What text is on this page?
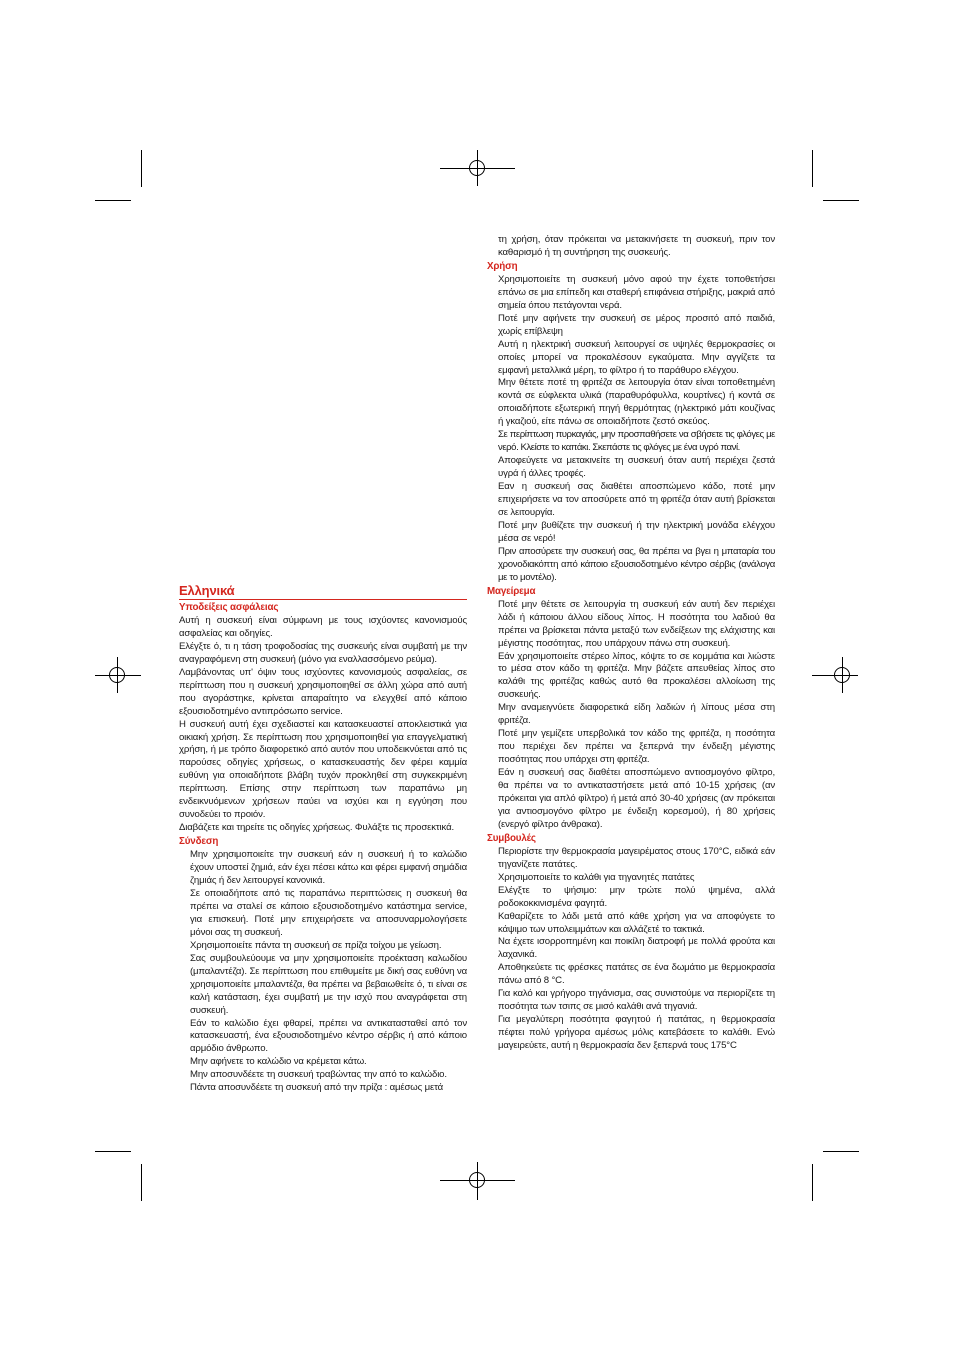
Ελληνικά
Υποδείξεις ασφάλειας

Αυτή η συσκευή είναι σύμφωνη με τους ισχύοντες κανονισμούς ασφαλείας και οδηγίες.

Ελέγξτε ό, τι η τάση τροφοδοσίας της συσκευής είναι συμβατή με την αναγραφόμενη στη συσκευή (μόνο για εναλλασσόμενο ρεύμα).

Λαμβάνοντας υπ' όψιν τους ισχύοντες κανονισμούς ασφαλείας, σε περίπτωση που η συσκευή χρησιμοποιηθεί σε άλλη χώρα από αυτή που αγοράστηκε, κρίνεται απαραίτητο να ελεγχθεί από κάποιο εξουσιοδοτημένο αντιπρόσωπο service.

Η συσκευή αυτή έχει σχεδιαστεί και κατασκευαστεί αποκλειστικά για οικιακή χρήση. Σε περίπτωση που χρησιμοποιηθεί για επαγγελματική χρήση, ή με τρόπο διαφορετικό από αυτόν που υποδεικνύεται από τις παρούσες οδηγίες χρήσεως, ο κατασκευαστής δεν φέρει καμμία ευθύνη για οποιαδήποτε βλάβη τυχόν προκληθεί στη συγκεκριμένη περίπτωση. Επίσης στην περίπτωση των παραπάνω μη ενδεικνυόμενων χρήσεων παύει να ισχύει και η εγγύηση που συνοδεύει το προιόν.

Διαβάζετε και τηρείτε τις οδηγίες χρήσεως. Φυλάξτε τις προσεκτικά.

Σύνδεση

Μην χρησιμοποιείτε την συσκευή εάν η συσκευή ή το καλώδιο έχουν υποστεί ζημιά, εάν έχει πέσει κάτω και φέρει εμφανή σημάδια ζημιάς ή δεν λειτουργεί κανονικά.

Σε οποιαδήποτε από τις παραπάνω περιπτώσεις η συσκευή θα πρέπει να σταλεί σε κάποιο εξουσιοδοτημένο κατάστημα service, για επισκευή. Ποτέ μην επιχειρήσετε να αποσυναρμολογήσετε μόνοι σας τη συσκευή.

Χρησιμοποιείτε πάντα τη συσκευή σε πρίζα τοίχου με γείωση.

Σας συμβουλεύουμε να μην χρησιμοποιείτε προέκταση καλωδίου (μπαλαντέζα). Σε περίπτωση που επιθυμείτε με δική σας ευθύνη να χρησιμοποιείτε μπαλαντέζα, θα πρέπει να βεβαιωθείτε ό, τι είναι σε καλή κατάσταση, έχει συμβατή με την ισχύ που αναγράφεται στη συσκευή.

Εάν το καλώδιο έχει φθαρεί, πρέπει να αντικατασταθεί από τον κατασκευαστή, ένα εξουσιοδοτημένο κέντρο σέρβις ή από κάποιο αρμόδιο άνθρωπο.

Μην αφήνετε το καλώδιο να κρέμεται κάτω.

Μην αποσυνδέετε τη συσκευή τραβώντας την από το καλώδιο.

Πάντα αποσυνδέετε τη συσκευή από την πρίζα : αμέσως μετά

τη χρήση, όταν πρόκειται να μετακινήσετε τη συσκευή, πριν τον καθαρισμό ή τη συντήρηση της συσκευής.

Χρήση

Χρησιμοποιείτε τη συσκευή μόνο αφού την έχετε τοποθετήσει επάνω σε μια επίπεδη και σταθερή επιφάνεια στήριξης, μακριά από σημεία όπου πετάγονται νερά.

Ποτέ μην αφήνετε την συσκευή σε μέρος προσιτό από παιδιά, χωρίς επίβλεψη

Αυτή η ηλεκτρική συσκευή λειτουργεί σε υψηλές θερμοκρασίες οι οποίες μπορεί να προκαλέσουν εγκαύματα. Μην αγγίζετε τα εμφανή μεταλλικά μέρη, το φίλτρο ή το παράθυρο ελέγχου.

Μην θέτετε ποτέ τη φριτέζα σε λειτουργία όταν είναι τοποθετημένη κοντά σε εύφλεκτα υλικά (παραθυρόφυλλα, κουρτίνες) ή κοντά σε οποιαδήποτε εξωτερική πηγή θερμότητας (ηλεκτρικό μάτι κουζίνας ή γκαζιού, είτε πάνω σε οποιαδήποτε ζεστό σκεύος.

Σε περίπτωση πυρκαγιάς, μην προσπαθήσετε να σβήσετε τις φλόγες με νερό. Κλείστε το καπάκι. Σκεπάστε τις φλόγες με ένα υγρό πανί.

Αποφεύγετε να μετακινείτε τη συσκευή όταν αυτή περιέχει ζεστά υγρά ή άλλες τροφές.

Εαν η συσκευή σας διαθέτει αποσπώμενο κάδο, ποτέ μην επιχειρήσετε να τον αποσύρετε από τη φριτέζα όταν αυτή βρίσκεται σε λειτουργία.

Ποτέ μην βυθίζετε την συσκευή ή την ηλεκτρική μονάδα ελέγχου μέσα σε νερό!

Πριν αποσύρετε την συσκευή σας, θα πρέπει να βγει η μπαταρία του χρονοδιακόπτη από κάποιο εξουσιοδοτημένο κέντρο σέρβις (ανάλογα με το μοντέλο).

Μαγείρεμα

Ποτέ μην θέτετε σε λειτουργία τη συσκευή εάν αυτή δεν περιέχει λάδι ή κάποιου άλλου είδους λίπος. Η ποσότητα του λαδιού θα πρέπει να βρίσκεται πάντα μεταξύ των ενδείξεων της ελάχιστης και μέγιστης ποσότητας, που υπάρχουν πάνω στη συσκευή.

Εάν χρησιμοποιείτε στέρεο λίπος, κόψτε το σε κομμάτια και λιώστε το μέσα στον κάδο τη φριτέζα. Μην βάζετε απευθείας λίπος στο καλάθι της φριτέζας καθώς αυτό θα προκαλέσει αλλοίωση της συσκευής.

Μην αναμειγνύετε διαφορετικά είδη λαδιών ή λίπους μέσα στη φριτέζα.

Ποτέ μην γεμίζετε υπερβολικά τον κάδο της φριτέζα, η ποσότητα που περιέχει δεν πρέπει να ξεπερνά την ένδειξη μέγιστης ποσότητας που υπάρχει στη φριτέζα.

Εάν η συσκευή σας διαθέτει αποσπώμενο αντιοσμογόνο φίλτρο, θα πρέπει να το αντικαταστήσετε μετά από 10-15 χρήσεις (αν πρόκειται για απλό φίλτρο) ή μετά από 30-40 χρήσεις (αν πρόκειται για αντιοσμογόνο φίλτρο με ένδειξη κορεσμού), ή 80 χρήσεις (ενεργό φίλτρο άνθρακα).

Συμβουλές

Περιορίστε την θερμοκρασία μαγειρέματος στους 170°C, ειδικά εάν τηγανίζετε πατάτες.

Χρησιμοποιείτε το καλάθι για τηγανητές πατάτες

Ελέγξτε το ψήσιμο: μην τρώτε πολύ ψημένα, αλλά ροδοκοκκινισμένα φαγητά.

Καθαρίζετε το λάδι μετά από κάθε χρήση για να αποφύγετε το κάψιμο των υπολειμμάτων και αλλάζετέ το τακτικά.

Να έχετε ισορροπημένη και ποικίλη διατροφή με πολλά φρούτα και λαχανικά.

Αποθηκεύετε τις φρέσκες πατάτες σε ένα δωμάτιο με θερμοκρασία πάνω από 8 °C.

Για καλό και γρήγορο τηγάνισμα, σας συνιστούμε να περιορίζετε τη ποσότητα των τσιπς σε μισό καλάθι ανά τηγανιά.

Για μεγαλύτερη ποσότητα φαγητού ή πατάτας, η θερμοκρασία πέφτει πολύ γρήγορα αμέσως μόλις κατεβάσετε το καλάθι. Ενώ μαγειρεύετε, αυτή η θερμοκρασία δεν ξεπερνά τους 175°C
